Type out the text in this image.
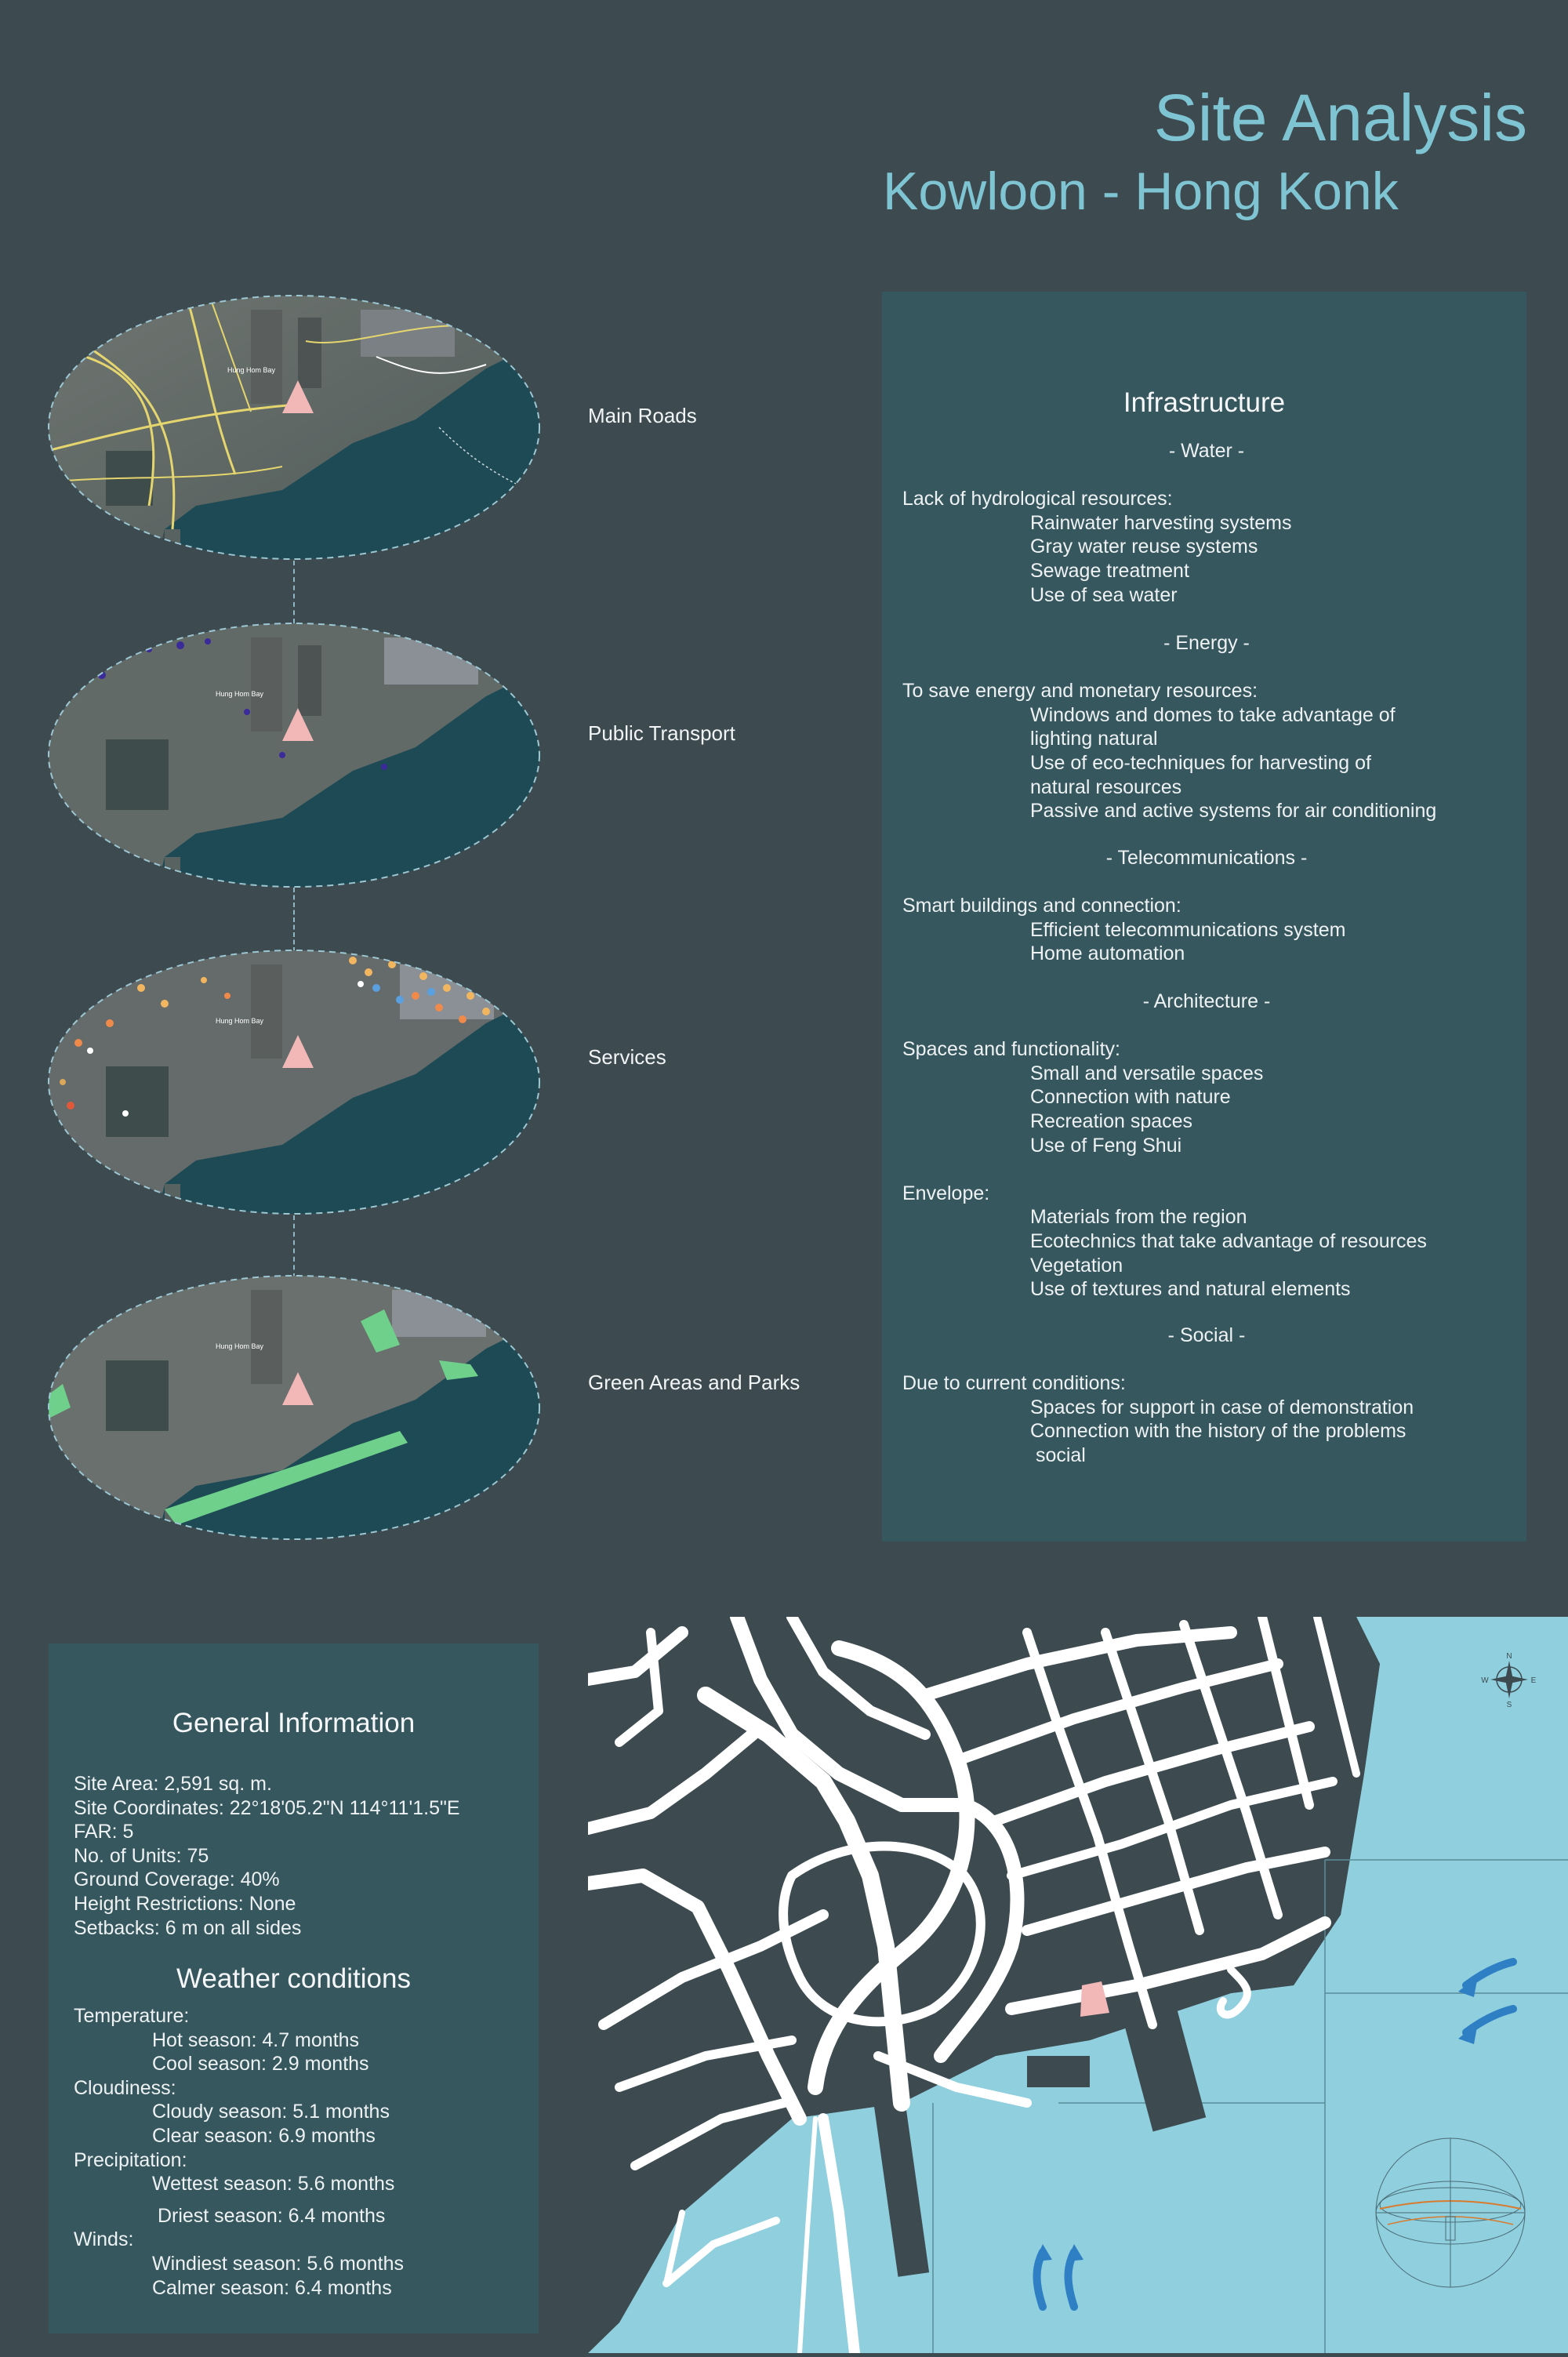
Site Analysis
Kowloon - Hong Konk
Hung Hom Bay
Main Roads
Hung Hom Bay
Public Transport
Hung Hom Bay
Services
Hung Hom Bay
Green Areas and Parks
Infrastructure
- Water -
Lack of hydrological resources:
Rainwater harvesting systems
Gray water reuse systems
Sewage treatment
Use of sea water
- Energy -
To save energy and monetary resources:
Windows and domes to take advantage of lighting natural
Use of eco-techniques for harvesting of natural resources
Passive and active systems for air conditioning
- Telecommunications -
Smart buildings and connection:
Efficient telecommunications system
Home automation
- Architecture -
Spaces and functionality:
Small and versatile spaces
Connection with nature
Recreation spaces
Use of Feng Shui
Envelope:
Materials from the region
Ecotechnics that take advantage of resources
Vegetation
Use of textures and natural elements
- Social -
Due to current conditions:
Spaces for support in case of demonstration
Connection with the history of the problems
social
General Information
Site Area: 2,591 sq. m.
Site Coordinates: 22°18'05.2"N 114°11'1.5"E
FAR: 5
No. of Units: 75
Ground Coverage: 40%
Height Restrictions: None
Setbacks: 6 m on all sides
Weather conditions
Temperature:
Hot season: 4.7 months
Cool season: 2.9 months
Cloudiness:
Cloudy season: 5.1 months
Clear season: 6.9 months
Precipitation:
Wettest season: 5.6 months
Driest season: 6.4 months
Winds:
Windiest season: 5.6 months
Calmer season: 6.4 months
N
S
E
W
